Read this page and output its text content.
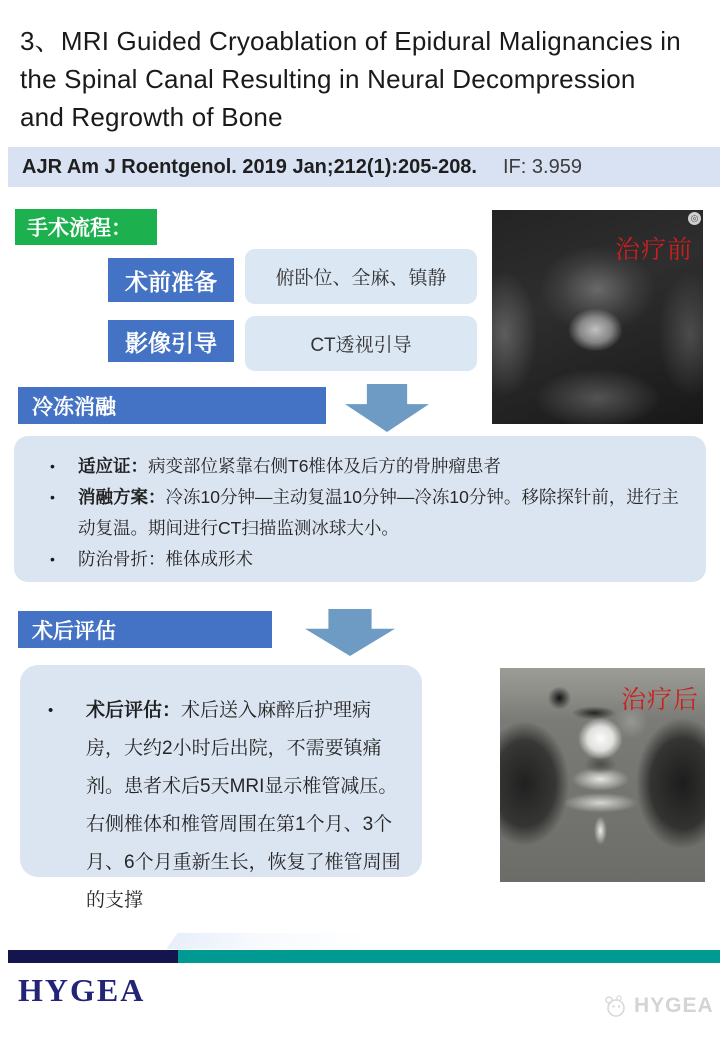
3、MRI Guided Cryoablation of Epidural Malignancies in the Spinal Canal Resulting in Neural Decompression and Regrowth of Bone
AJR Am J Roentgenol. 2019 Jan;212(1):205-208. IF: 3.959
手术流程：
术前准备	俯卧位、全麻、镇静
影像引导	CT透视引导
冷冻消融
•	适应证：病变部位紧靠右侧T6椎体及后方的骨肿瘤患者
•	消融方案：冷冻10分钟—主动复温10分钟—冷冻10分钟。移除探针前，进行主动复温。期间进行CT扫描监测冰球大小。
•	防治骨折：椎体成形术
术后评估
•	术后评估：术后送入麻醉后护理病房，大约2小时后出院，不需要镇痛剂。患者术后5天MRI显示椎管减压。右侧椎体和椎管周围在第1个月、3个月、6个月重新生长，恢复了椎管周围的支撑
治疗前
◎
治疗后
HYGEA	HYGEA
